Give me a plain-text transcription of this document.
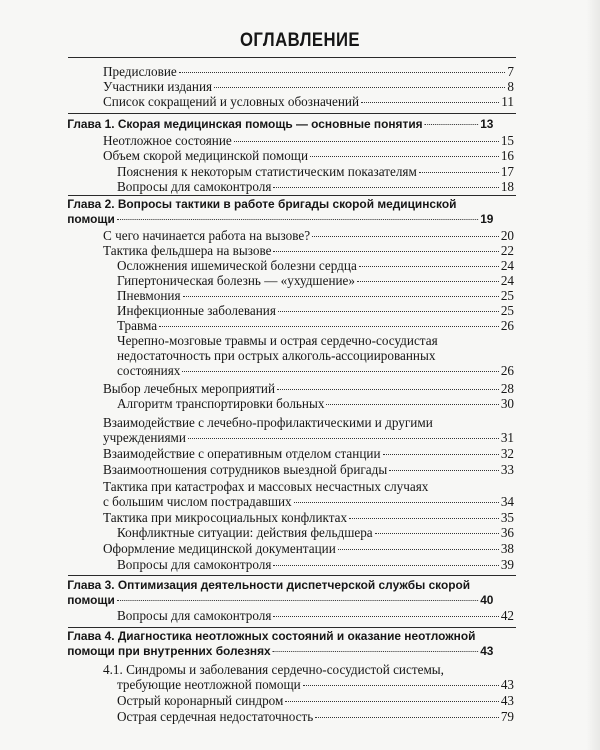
ОГЛАВЛЕНИЕ
Предисловие	7
Участники издания	8
Список сокращений и условных обозначений	11
Глава 1. Скорая медицинская помощь — основные понятия	13
Неотложное состояние	15
Объем скорой медицинской помощи	16
Пояснения к некоторым статистическим показателям	17
Вопросы для самоконтроля	18
Глава 2. Вопросы тактики в работе бригады скорой медицинской
помощи	19
С чего начинается работа на вызове?	20
Тактика фельдшера на вызове	22
Осложнения ишемической болезни сердца	24
Гипертоническая болезнь — «ухудшение»	24
Пневмония	25
Инфекционные заболевания	25
Травма	26
Черепно-мозговые травмы и острая сердечно-сосудистая
недостаточность при острых алкоголь-ассоциированных
состояниях	26
Выбор лечебных мероприятий	28
Алгоритм транспортировки больных	30
Взаимодействие с лечебно-профилактическими и другими
учреждениями	31
Взаимодействие с оперативным отделом станции	32
Взаимоотношения сотрудников выездной бригады	33
Тактика при катастрофах и массовых несчастных случаях
с большим числом пострадавших	34
Тактика при микросоциальных конфликтах	35
Конфликтные ситуации: действия фельдшера	36
Оформление медицинской документации	38
Вопросы для самоконтроля	39
Глава 3. Оптимизация деятельности диспетчерской службы скорой
помощи	40
Вопросы для самоконтроля	42
Глава 4. Диагностика неотложных состояний и оказание неотложной
помощи при внутренних болезнях	43
4.1. Синдромы и заболевания сердечно-сосудистой системы,
требующие неотложной помощи	43
Острый коронарный синдром	43
Острая сердечная недостаточность	79
